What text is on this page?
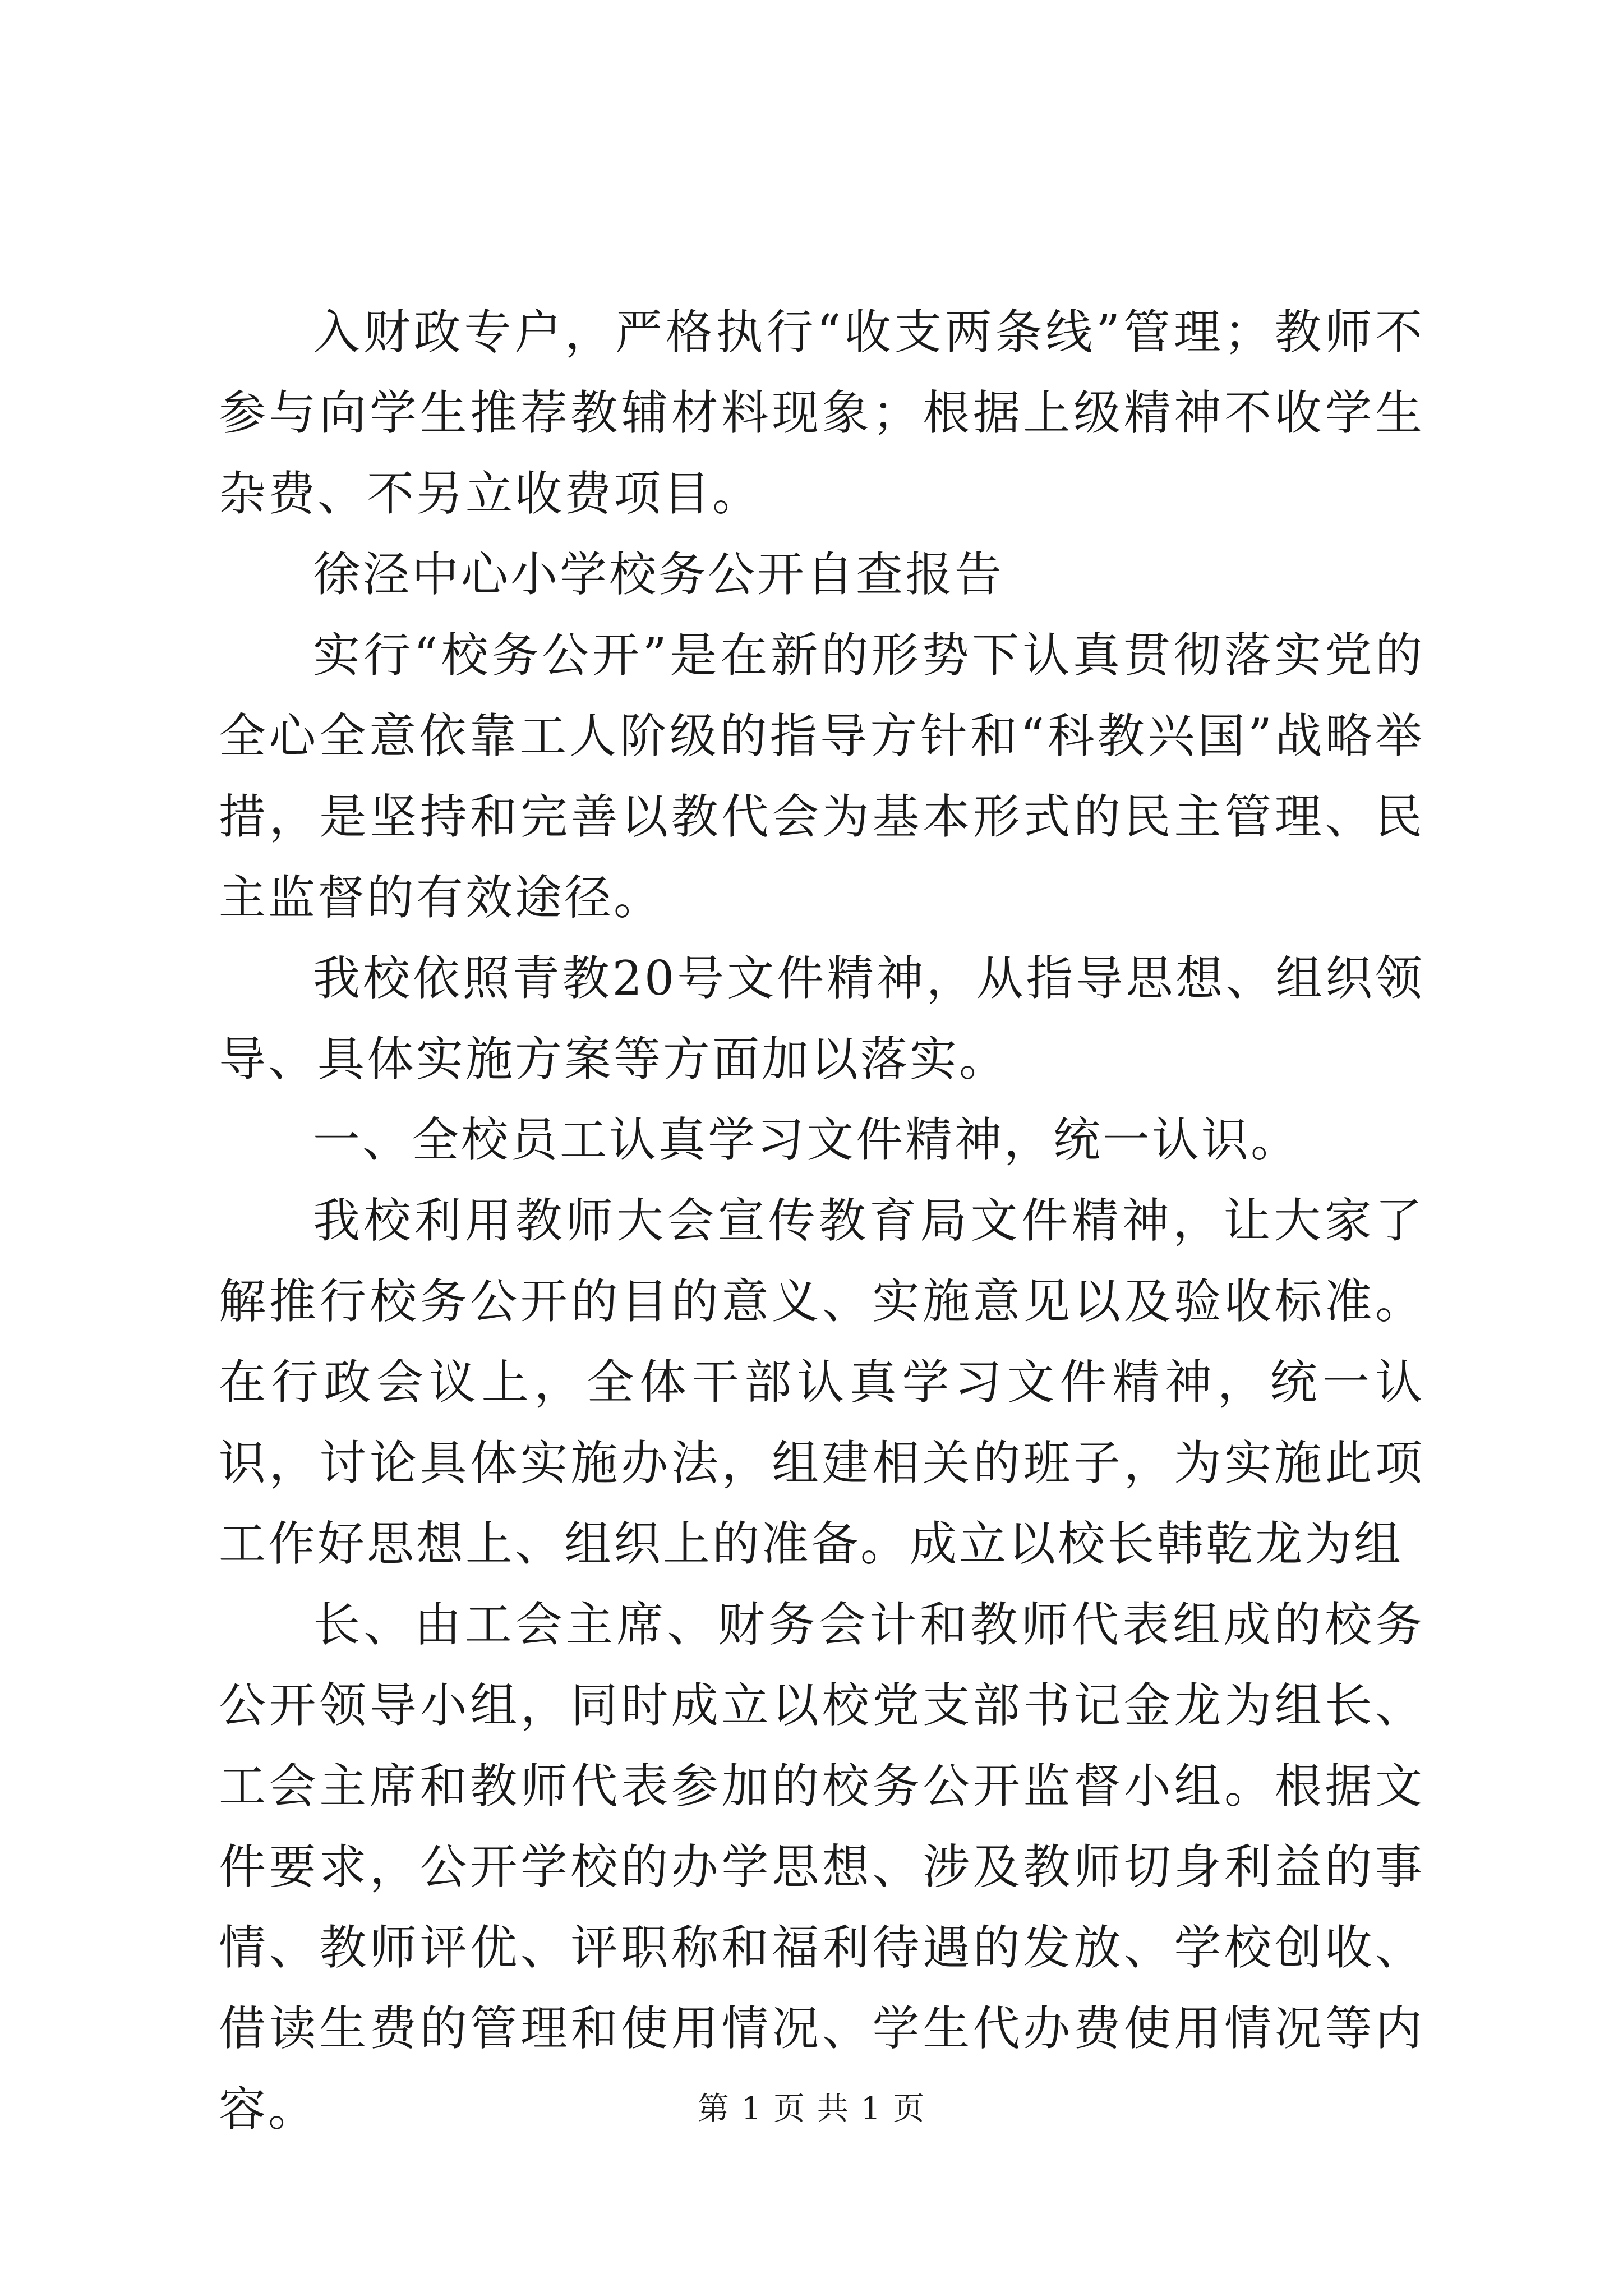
入财政专户，严格执行“收支两条线”管理；教师不参与向学生推荐教辅材料现象；根据上级精神不收学生杂费、不另立收费项目。

徐泾中心小学校务公开自查报告

实行“校务公开”是在新的形势下认真贯彻落实党的全心全意依靠工人阶级的指导方针和“科教兴国”战略举措，是坚持和完善以教代会为基本形式的民主管理、民主监督的有效途径。

我校依照青教20号文件精神，从指导思想、组织领导、具体实施方案等方面加以落实。

一、全校员工认真学习文件精神，统一认识。

我校利用教师大会宣传教育局文件精神，让大家了解推行校务公开的目的意义、实施意见以及验收标准。在行政会议上，全体干部认真学习文件精神，统一认识，讨论具体实施办法，组建相关的班子，为实施此项工作好思想上、组织上的准备。成立以校长韩乾龙为组

长、由工会主席、财务会计和教师代表组成的校务公开领导小组，同时成立以校党支部书记金龙为组长、工会主席和教师代表参加的校务公开监督小组。根据文件要求，公开学校的办学思想、涉及教师切身利益的事情、教师评优、评职称和福利待遇的发放、学校创收、借读生费的管理和使用情况、学生代办费使用情况等内容。	第 1 页 共 1 页
